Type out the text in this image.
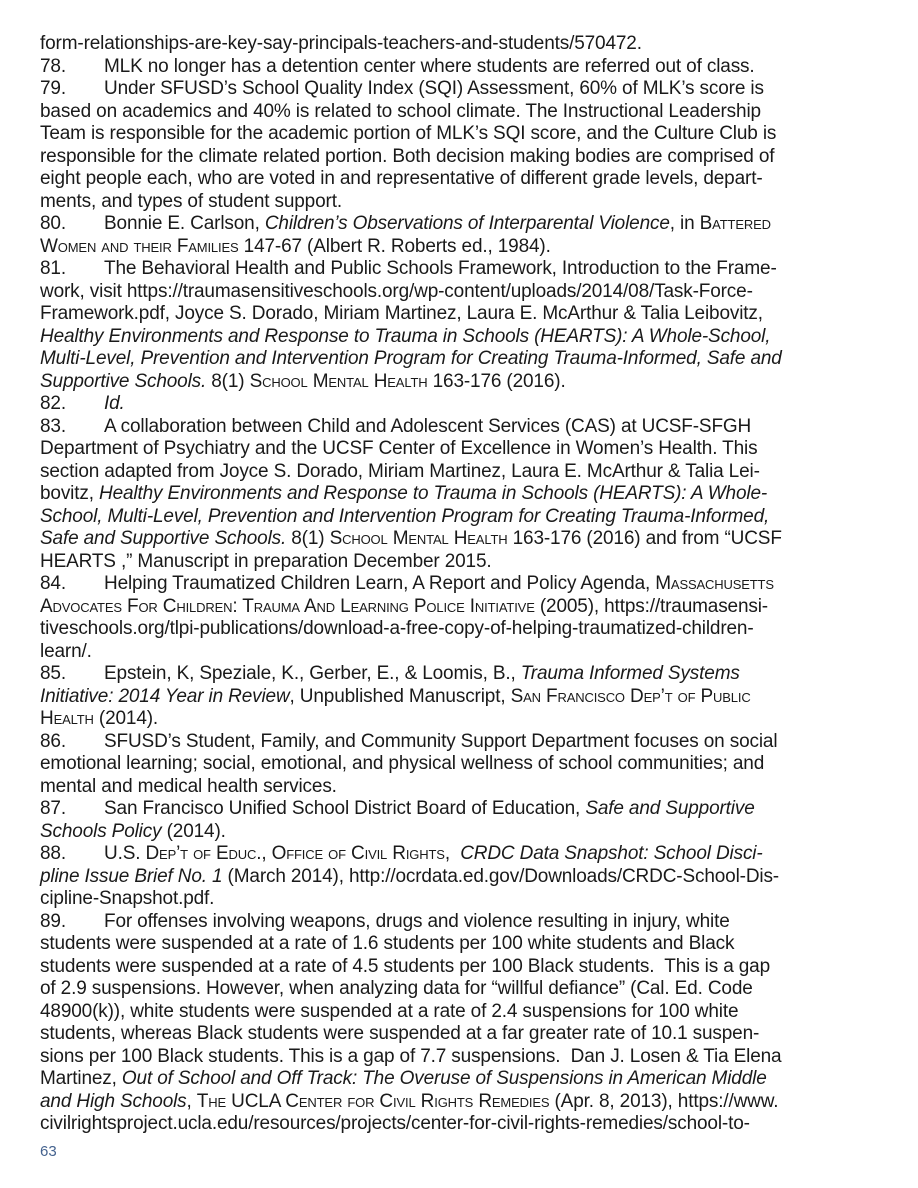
form-relationships-are-key-say-principals-teachers-and-students/570472.
78. MLK no longer has a detention center where students are referred out of class.
79. Under SFUSD’s School Quality Index (SQI) Assessment, 60% of MLK’s score is
based on academics and 40% is related to school climate. The Instructional Leadership
Team is responsible for the academic portion of MLK’s SQI score, and the Culture Club is
responsible for the climate related portion. Both decision making bodies are comprised of
eight people each, who are voted in and representative of different grade levels, depart-
ments, and types of student support.
80. Bonnie E. Carlson, Children’s Observations of Interparental Violence, in Battered
Women and their Families 147-67 (Albert R. Roberts ed., 1984).
81. The Behavioral Health and Public Schools Framework, Introduction to the Frame-
work, visit https://traumasensitiveschools.org/wp-content/uploads/2014/08/Task-Force-
Framework.pdf, Joyce S. Dorado, Miriam Martinez, Laura E. McArthur & Talia Leibovitz,
Healthy Environments and Response to Trauma in Schools (HEARTS): A Whole-School,
Multi-Level, Prevention and Intervention Program for Creating Trauma-Informed, Safe and
Supportive Schools. 8(1) School Mental Health 163-176 (2016).
82. Id.
83. A collaboration between Child and Adolescent Services (CAS) at UCSF-SFGH
Department of Psychiatry and the UCSF Center of Excellence in Women’s Health. This
section adapted from Joyce S. Dorado, Miriam Martinez, Laura E. McArthur & Talia Lei-
bovitz, Healthy Environments and Response to Trauma in Schools (HEARTS): A Whole-
School, Multi-Level, Prevention and Intervention Program for Creating Trauma-Informed,
Safe and Supportive Schools. 8(1) School Mental Health 163-176 (2016) and from “UCSF
HEARTS ,” Manuscript in preparation December 2015.
84. Helping Traumatized Children Learn, A Report and Policy Agenda, Massachusetts
Advocates For Children: Trauma And Learning Police Initiative (2005), https://traumasensi-
tiveschools.org/tlpi-publications/download-a-free-copy-of-helping-traumatized-children-
learn/.
85. Epstein, K, Speziale, K., Gerber, E., & Loomis, B., Trauma Informed Systems
Initiative: 2014 Year in Review, Unpublished Manuscript, San Francisco Dep’t of Public
Health (2014).
86. SFUSD’s Student, Family, and Community Support Department focuses on social
emotional learning; social, emotional, and physical wellness of school communities; and
mental and medical health services.
87. San Francisco Unified School District Board of Education, Safe and Supportive
Schools Policy (2014).
88. U.S. Dep’t of Educ., Office of Civil Rights,  CRDC Data Snapshot: School Disci-
pline Issue Brief No. 1 (March 2014), http://ocrdata.ed.gov/Downloads/CRDC-School-Dis-
cipline-Snapshot.pdf.
89. For offenses involving weapons, drugs and violence resulting in injury, white
students were suspended at a rate of 1.6 students per 100 white students and Black
students were suspended at a rate of 4.5 students per 100 Black students.  This is a gap
of 2.9 suspensions. However, when analyzing data for “willful defiance” (Cal. Ed. Code
48900(k)), white students were suspended at a rate of 2.4 suspensions for 100 white
students, whereas Black students were suspended at a far greater rate of 10.1 suspen-
sions per 100 Black students. This is a gap of 7.7 suspensions.  Dan J. Losen & Tia Elena
Martinez, Out of School and Off Track: The Overuse of Suspensions in American Middle
and High Schools, The UCLA Center for Civil Rights Remedies (Apr. 8, 2013), https://www.
civilrightsproject.ucla.edu/resources/projects/center-for-civil-rights-remedies/school-to-
63
